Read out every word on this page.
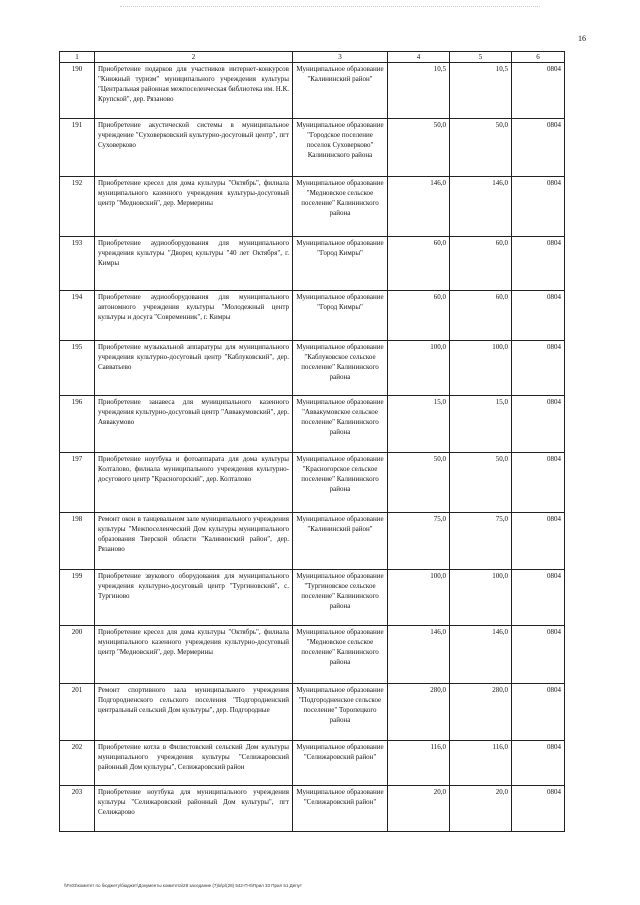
16
1	2	3	4	5	6
190	Приобретение подарков для участников интернет-конкурсов "Книжный туризм" муниципального учреждения культуры "Центральная районная межпоселенческая библиотека им. Н.К. Крупской", дер. Рязаново	Муниципальное образование "Калининский район"	10,5	10,5	0804
191	Приобретение акустической системы в муниципальное учреждение "Суховерковский культурно-досуговый центр", пгт Суховерково	Муниципальное образование "Городское поселение поселок Суховерково" Калининского района	50,0	50,0	0804
192	Приобретение кресел для дома культуры "Октябрь", филиала муниципального казенного учреждения культуры-досуговый центр "Медновский", дер. Мермерины	Муниципальное образование "Медновское сельское поселение" Калининского района	146,0	146,0	0804
193	Приобретение аудиооборудования для муниципального учреждения культуры "Дворец культуры "40 лет Октября", г. Кимры	Муниципальное образование "Город Кимры"	60,0	60,0	0804
194	Приобретение аудиооборудования для муниципального автономного учреждения культуры "Молодежный центр культуры и досуга "Современник", г. Кимры	Муниципальное образование "Город Кимры"	60,0	60,0	0804
195	Приобретение музыкальной аппаратуры для муниципального учреждения культурно-досуговый центр "Каблуковский", дер. Савватьево	Муниципальное образование "Каблуковское сельское поселение" Калининского района	100,0	100,0	0804
196	Приобретение занавеса для муниципального казенного учреждения культурно-досуговый центр "Аввакумовский", дер. Аввакумово	Муниципальное образование "Аввакумовское сельское поселение" Калининского района	15,0	15,0	0804
197	Приобретение ноутбука и фотоаппарата для дома культуры Колталово, филиала муниципального учреждения культурно-досугового центр "Красногорский", дер. Колталово	Муниципальное образование "Красногорское сельское поселение" Калининского района	50,0	50,0	0804
198	Ремонт окон в танцевальном зале муниципального учреждения культуры "Межпоселенческий Дом культуры муниципального образования Тверской области "Калининский район", дер. Рязаново	Муниципальное образование "Калининский район"	75,0	75,0	0804
199	Приобретение звукового оборудования для муниципального учреждения культурно-досуговый центр "Тургиновский", с. Тургиново	Муниципальное образование "Тургиновское сельское поселение" Калининского района	100,0	100,0	0804
200	Приобретение кресел для дома культуры "Октябрь", филиала муниципального казенного учреждения культурно-досуговый центр "Медновский", дер. Мермерины	Муниципальное образование "Медновское сельское поселение" Калининского района	146,0	146,0	0804
201	Ремонт спортивного зала муниципального учреждения Подгородненского сельского поселения "Подгородненский центральный сельский Дом культуры", дер. Подгородные	Муниципальное образование "Подгородненское сельское поселение" Торопецкого района	280,0	280,0	0804
202	Приобретение котла в Филистовский сельский Дом культуры муниципального учреждения культуры "Селижаровский районный Дом культуры", Селижаровский район	Муниципальное образование "Селижаровский район"	116,0	116,0	0804
203	Приобретение ноутбука для муниципального учреждения культуры "Селижаровский районный Дом культуры", пгт Селижарово	Муниципальное образование "Селижаровский район"	20,0	20,0	0804
\\Fs03\комитет по бюджету\бюджет\Документы комитета\28 заседание (7)\к\р\(28) 542-П-6\Прил 33 Прил 51 Депут
